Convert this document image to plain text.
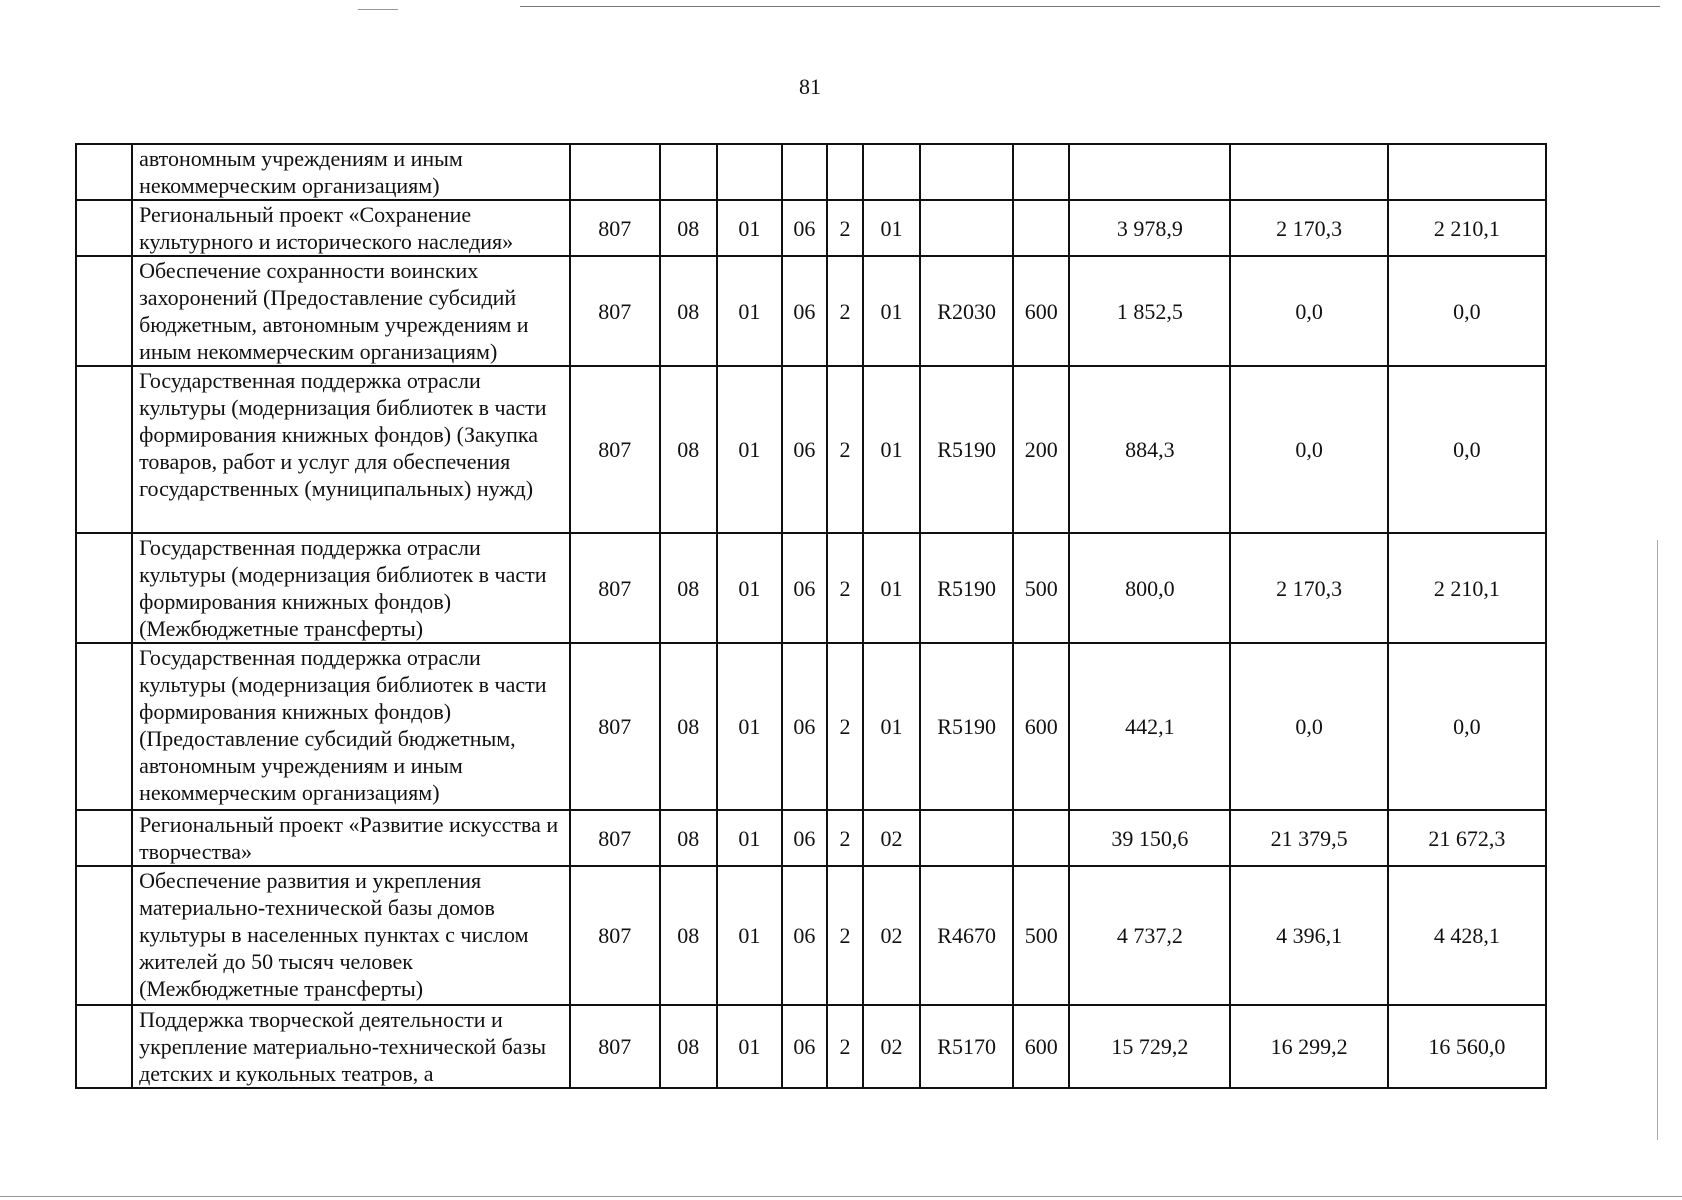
81
	автономным учреждениям и иным некоммерческим организациям)											
	Региональный проект «Сохранение культурного и исторического наследия»	807	08	01	06	2	01			3 978,9	2 170,3	2 210,1
	Обеспечение сохранности воинских захоронений (Предоставление субсидий бюджетным, автономным учреждениям и иным некоммерческим организациям)	807	08	01	06	2	01	R2030	600	1 852,5	0,0	0,0
	Государственная поддержка отрасли культуры (модернизация библиотек в части формирования книжных фондов) (Закупка товаров, работ и услуг для обеспечения государственных (муниципальных) нужд)	807	08	01	06	2	01	R5190	200	884,3	0,0	0,0
	Государственная поддержка отрасли культуры (модернизация библиотек в части формирования книжных фондов) (Межбюджетные трансферты)	807	08	01	06	2	01	R5190	500	800,0	2 170,3	2 210,1
	Государственная поддержка отрасли культуры (модернизация библиотек в части формирования книжных фондов) (Предоставление субсидий бюджетным, автономным учреждениям и иным некоммерческим организациям)	807	08	01	06	2	01	R5190	600	442,1	0,0	0,0
	Региональный проект «Развитие искусства и творчества»	807	08	01	06	2	02			39 150,6	21 379,5	21 672,3
	Обеспечение развития и укрепления материально-технической базы домов культуры в населенных пунктах с числом жителей до 50 тысяч человек (Межбюджетные трансферты)	807	08	01	06	2	02	R4670	500	4 737,2	4 396,1	4 428,1
	Поддержка творческой деятельности и укрепление материально-технической базы детских и кукольных театров, а	807	08	01	06	2	02	R5170	600	15 729,2	16 299,2	16 560,0
